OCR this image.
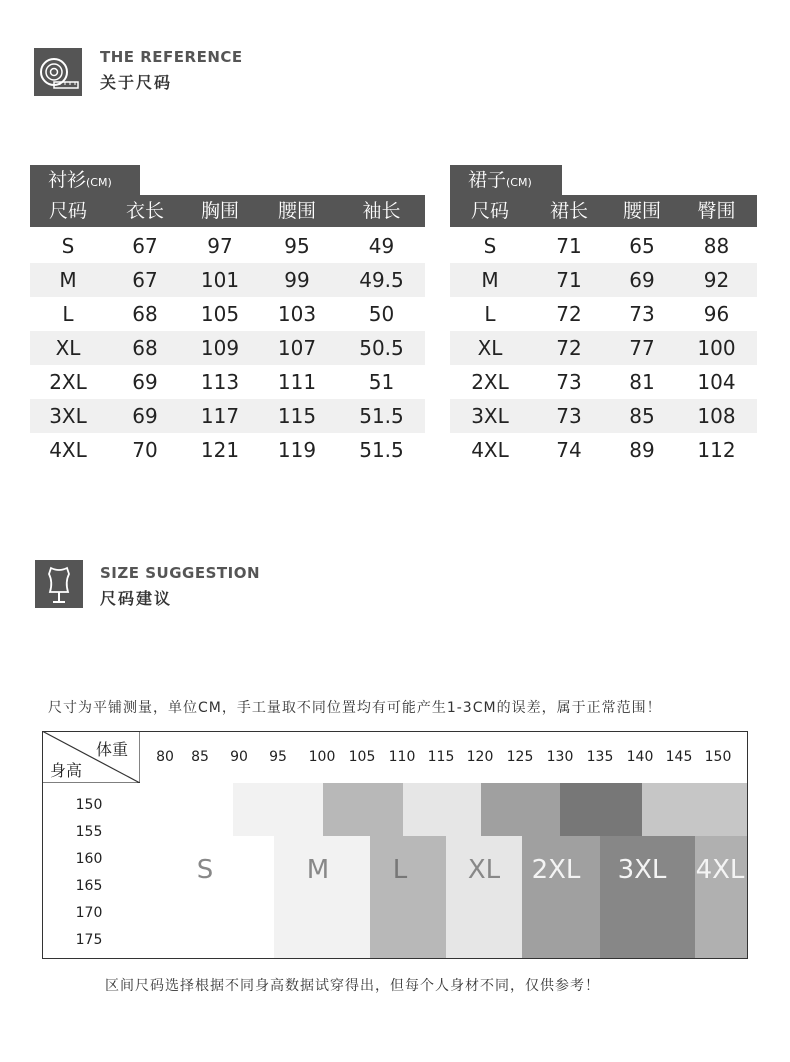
THE REFERENCE
关于尺码
衬衫(CM)
尺码	衣长	胸围	腰围	袖长
S	67	97	95	49
M	67	101	99	49.5
L	68	105	103	50
XL	68	109	107	50.5
2XL	69	113	111	51
3XL	69	117	115	51.5
4XL	70	121	119	51.5
裙子(CM)
尺码	裙长	腰围	臀围
S	71	65	88
M	71	69	92
L	72	73	96
XL	72	77	100
2XL	73	81	104
3XL	73	85	108
4XL	74	89	112
SIZE SUGGESTION
尺码建议
尺寸为平铺测量，单位CM，手工量取不同位置均有可能产生1-3CM的误差，属于正常范围！
体重
身高
80	85	90	95	100 105 110 115 120 125 130 135 140 145 150
150
155
160
165
170
175
S	M	L	XL	2XL	3XL	4XL
区间尺码选择根据不同身高数据试穿得出，但每个人身材不同，仅供参考！
